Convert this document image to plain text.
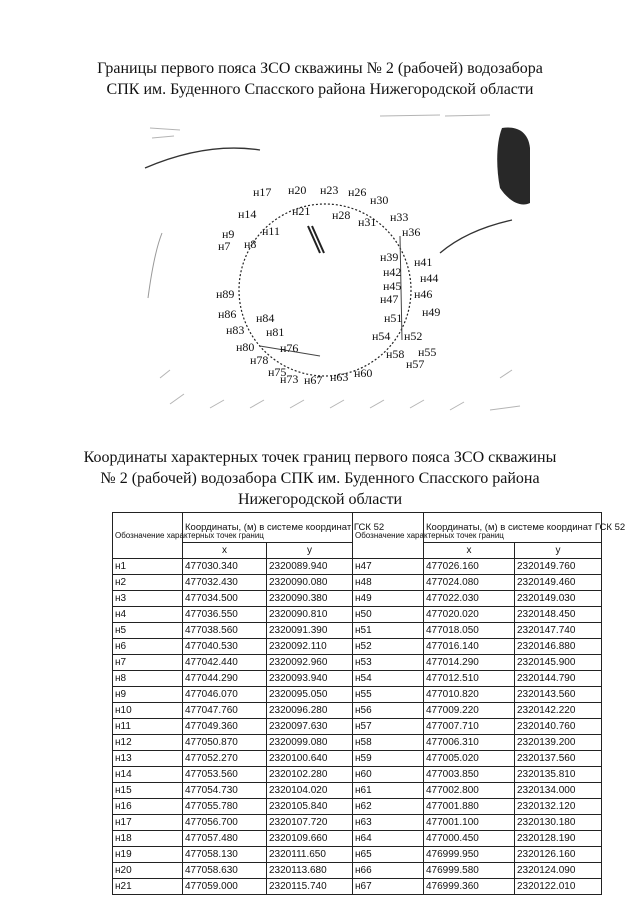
Границы первого пояса ЗСО скважины № 2 (рабочей) водозабора
СПК им. Буденного Спасского района Нижегородской области
н17 н20 н23 н26
н30
н14	н21 н28 н31 н33
н9 н11	н36
н7 н8
н39 н41
н42 н44
н45
н46
н47
н89
н86 н84	н51 н49
н83 н81	н54 н52
н80 н76	н58 н55
н78	н57
н75
н73 н67 н63 н60
Координаты характерных точек границ первого пояса ЗСО скважины
№ 2 (рабочей) водозабора СПК им. Буденного Спасского района
Нижегородской области
Обозначение характерных точек границ	Координаты, (м) в системе координат ГСК 52		Обозначение характерных точек границ	Координаты, (м) в системе координат ГСК 52	
	x	y		x	y
н1	477030.340	2320089.940	н47	477026.160	2320149.760
н2	477032.430	2320090.080	н48	477024.080	2320149.460
н3	477034.500	2320090.380	н49	477022.030	2320149.030
н4	477036.550	2320090.810	н50	477020.020	2320148.450
н5	477038.560	2320091.390	н51	477018.050	2320147.740
н6	477040.530	2320092.110	н52	477016.140	2320146.880
н7	477042.440	2320092.960	н53	477014.290	2320145.900
н8	477044.290	2320093.940	н54	477012.510	2320144.790
н9	477046.070	2320095.050	н55	477010.820	2320143.560
н10	477047.760	2320096.280	н56	477009.220	2320142.220
н11	477049.360	2320097.630	н57	477007.710	2320140.760
н12	477050.870	2320099.080	н58	477006.310	2320139.200
н13	477052.270	2320100.640	н59	477005.020	2320137.560
н14	477053.560	2320102.280	н60	477003.850	2320135.810
н15	477054.730	2320104.020	н61	477002.800	2320134.000
н16	477055.780	2320105.840	н62	477001.880	2320132.120
н17	477056.700	2320107.720	н63	477001.100	2320130.180
н18	477057.480	2320109.660	н64	477000.450	2320128.190
н19	477058.130	2320111.650	н65	476999.950	2320126.160
н20	477058.630	2320113.680	н66	476999.580	2320124.090
н21	477059.000	2320115.740	н67	476999.360	2320122.010
